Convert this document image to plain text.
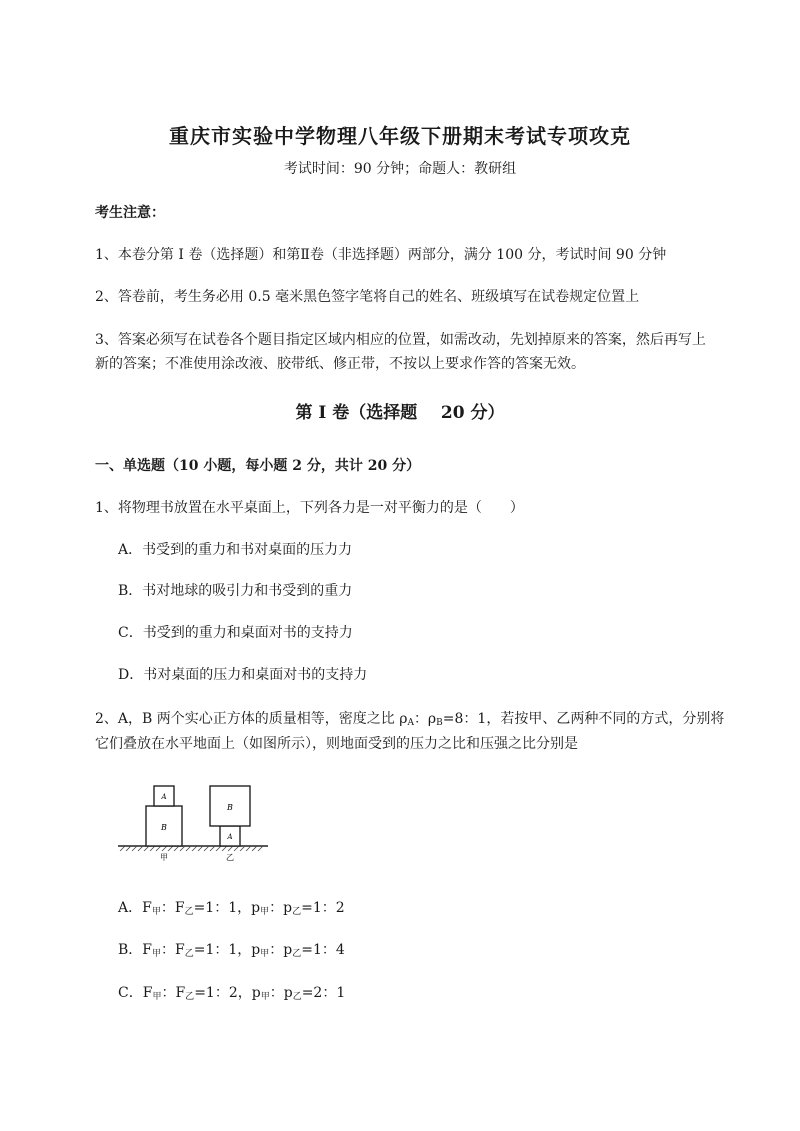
重庆市实验中学物理八年级下册期末考试专项攻克
考试时间：90 分钟；命题人：教研组
考生注意：
1、本卷分第 I 卷（选择题）和第Ⅱ卷（非选择题）两部分，满分 100 分，考试时间 90 分钟
2、答卷前，考生务必用 0.5 毫米黑色签字笔将自己的姓名、班级填写在试卷规定位置上
3、答案必须写在试卷各个题目指定区域内相应的位置，如需改动，先划掉原来的答案，然后再写上新的答案；不准使用涂改液、胶带纸、修正带，不按以上要求作答的答案无效。
第 I 卷（选择题    20 分）
一、单选题（10 小题，每小题 2 分，共计 20 分）
1、将物理书放置在水平桌面上，下列各力是一对平衡力的是（　　）
A．书受到的重力和书对桌面的压力力
B．书对地球的吸引力和书受到的重力
C．书受到的重力和桌面对书的支持力
D．书对桌面的压力和桌面对书的支持力
2、A，B 两个实心正方体的质量相等，密度之比 $\rho_A$：$\rho_B=8$：1，若按甲、乙两种不同的方式，分别将
它们叠放在水平地面上（如图所示），则地面受到的压力之比和压强之比分别是
B
A
A
B
甲	乙
A．$F_甲$：$F_乙=1$：1，$p_甲$：$p_乙=1$：2
B．$F_甲$：$F_乙=1$：1，$p_甲$：$p_乙=1$：4
C．$F_甲$：$F_乙=1$：2，$p_甲$：$p_乙=2$：1
